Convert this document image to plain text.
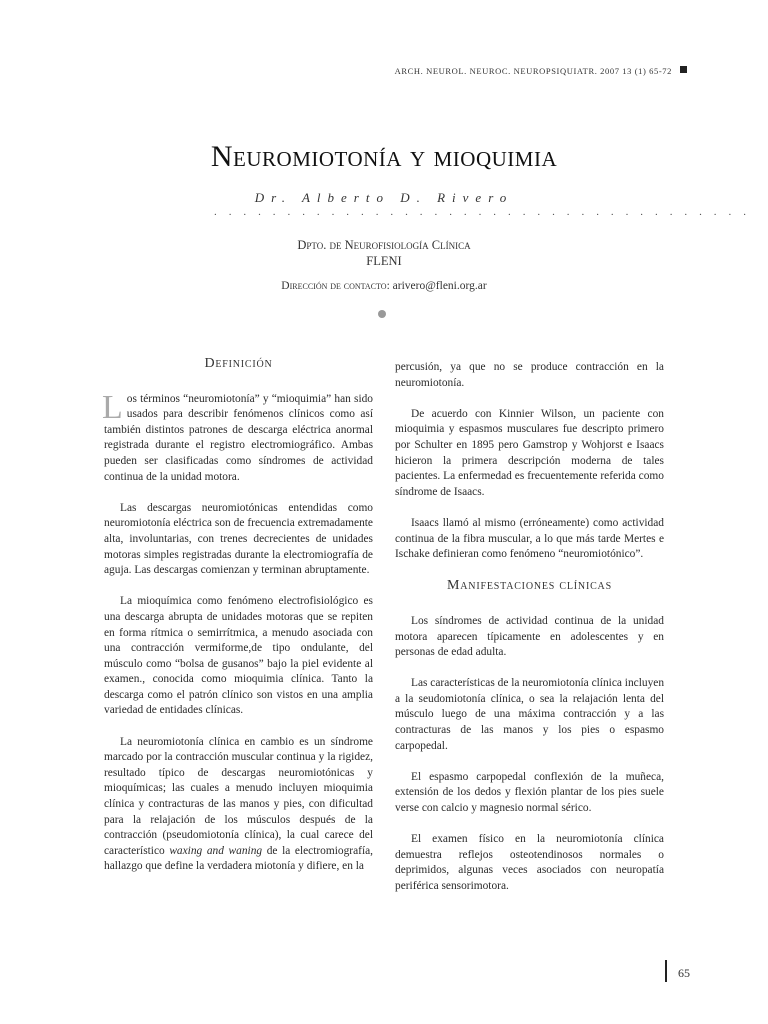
ARCH. NEUROL. NEUROC. NEUROPSIQUIATR. 2007 13 (1) 65-72
Neuromiotonía y mioquimia
Dr. Alberto D. Rivero
. . . . . . . . . . . . . . . . . . . . . . . . . . . . . . . . . . . . .
Dpto. de Neurofisiología Clínica
FLENI
Dirección de contacto: arivero@fleni.org.ar
Definición

Los términos “neuromiotonía” y “mioquimia” han sido usados para describir fenómenos clínicos como así también distintos patrones de descarga eléctrica anormal registrada durante el registro electromiográfico. Ambas pueden ser clasificadas como síndromes de actividad continua de la unidad motora.

Las descargas neuromiotónicas entendidas como neuromiotonía eléctrica son de frecuencia extremadamente alta, involuntarias, con trenes decrecientes de unidades motoras simples registradas durante la electromiografía de aguja. Las descargas comienzan y terminan abruptamente.

La mioquímica como fenómeno electrofisiológico es una descarga abrupta de unidades motoras que se repiten en forma rítmica o semirrítmica, a menudo asociada con una contracción vermiforme,de tipo ondulante, del músculo como “bolsa de gusanos” bajo la piel evidente al examen., conocida como mioquimia clínica. Tanto la descarga como el patrón clínico son vistos en una amplia variedad de entidades clínicas.

La neuromiotonía clínica en cambio es un síndrome marcado por la contracción muscular continua y la rigidez, resultado típico de descargas neuromiotónicas y mioquímicas; las cuales a menudo incluyen mioquimia clínica y contracturas de las manos y pies, con dificultad para la relajación de los músculos después de la contracción (pseudomiotonía clínica), la cual carece del característico waxing and waning de la electromiografía, hallazgo que define la verdadera miotonía y difiere, en la

percusión, ya que no se produce contracción en la neuromiotonía.

De acuerdo con Kinnier Wilson, un paciente con mioquimia y espasmos musculares fue descripto primero por Schulter en 1895 pero Gamstrop y Wohjorst e Isaacs hicieron la primera descripción moderna de tales pacientes. La enfermedad es frecuentemente referida como síndrome de Isaacs.

Isaacs llamó al mismo (erróneamente) como actividad continua de la fibra muscular, a lo que más tarde Mertes e Ischake definieran como fenómeno “neuromiotónico”.

Manifestaciones clínicas

Los síndromes de actividad continua de la unidad motora aparecen típicamente en adolescentes y en personas de edad adulta.

Las características de la neuromiotonía clínica incluyen a la seudomiotonía clínica, o sea la relajación lenta del músculo luego de una máxima contracción y a las contracturas de las manos y los pies o espasmo carpopedal.

El espasmo carpopedal conflexión de la muñeca, extensión de los dedos y flexión plantar de los pies suele verse con calcio y magnesio normal sérico.

El examen físico en la neuromiotonía clínica demuestra reflejos osteotendinosos normales o deprimidos, algunas veces asociados con neuropatía periférica sensorimotora.

65
